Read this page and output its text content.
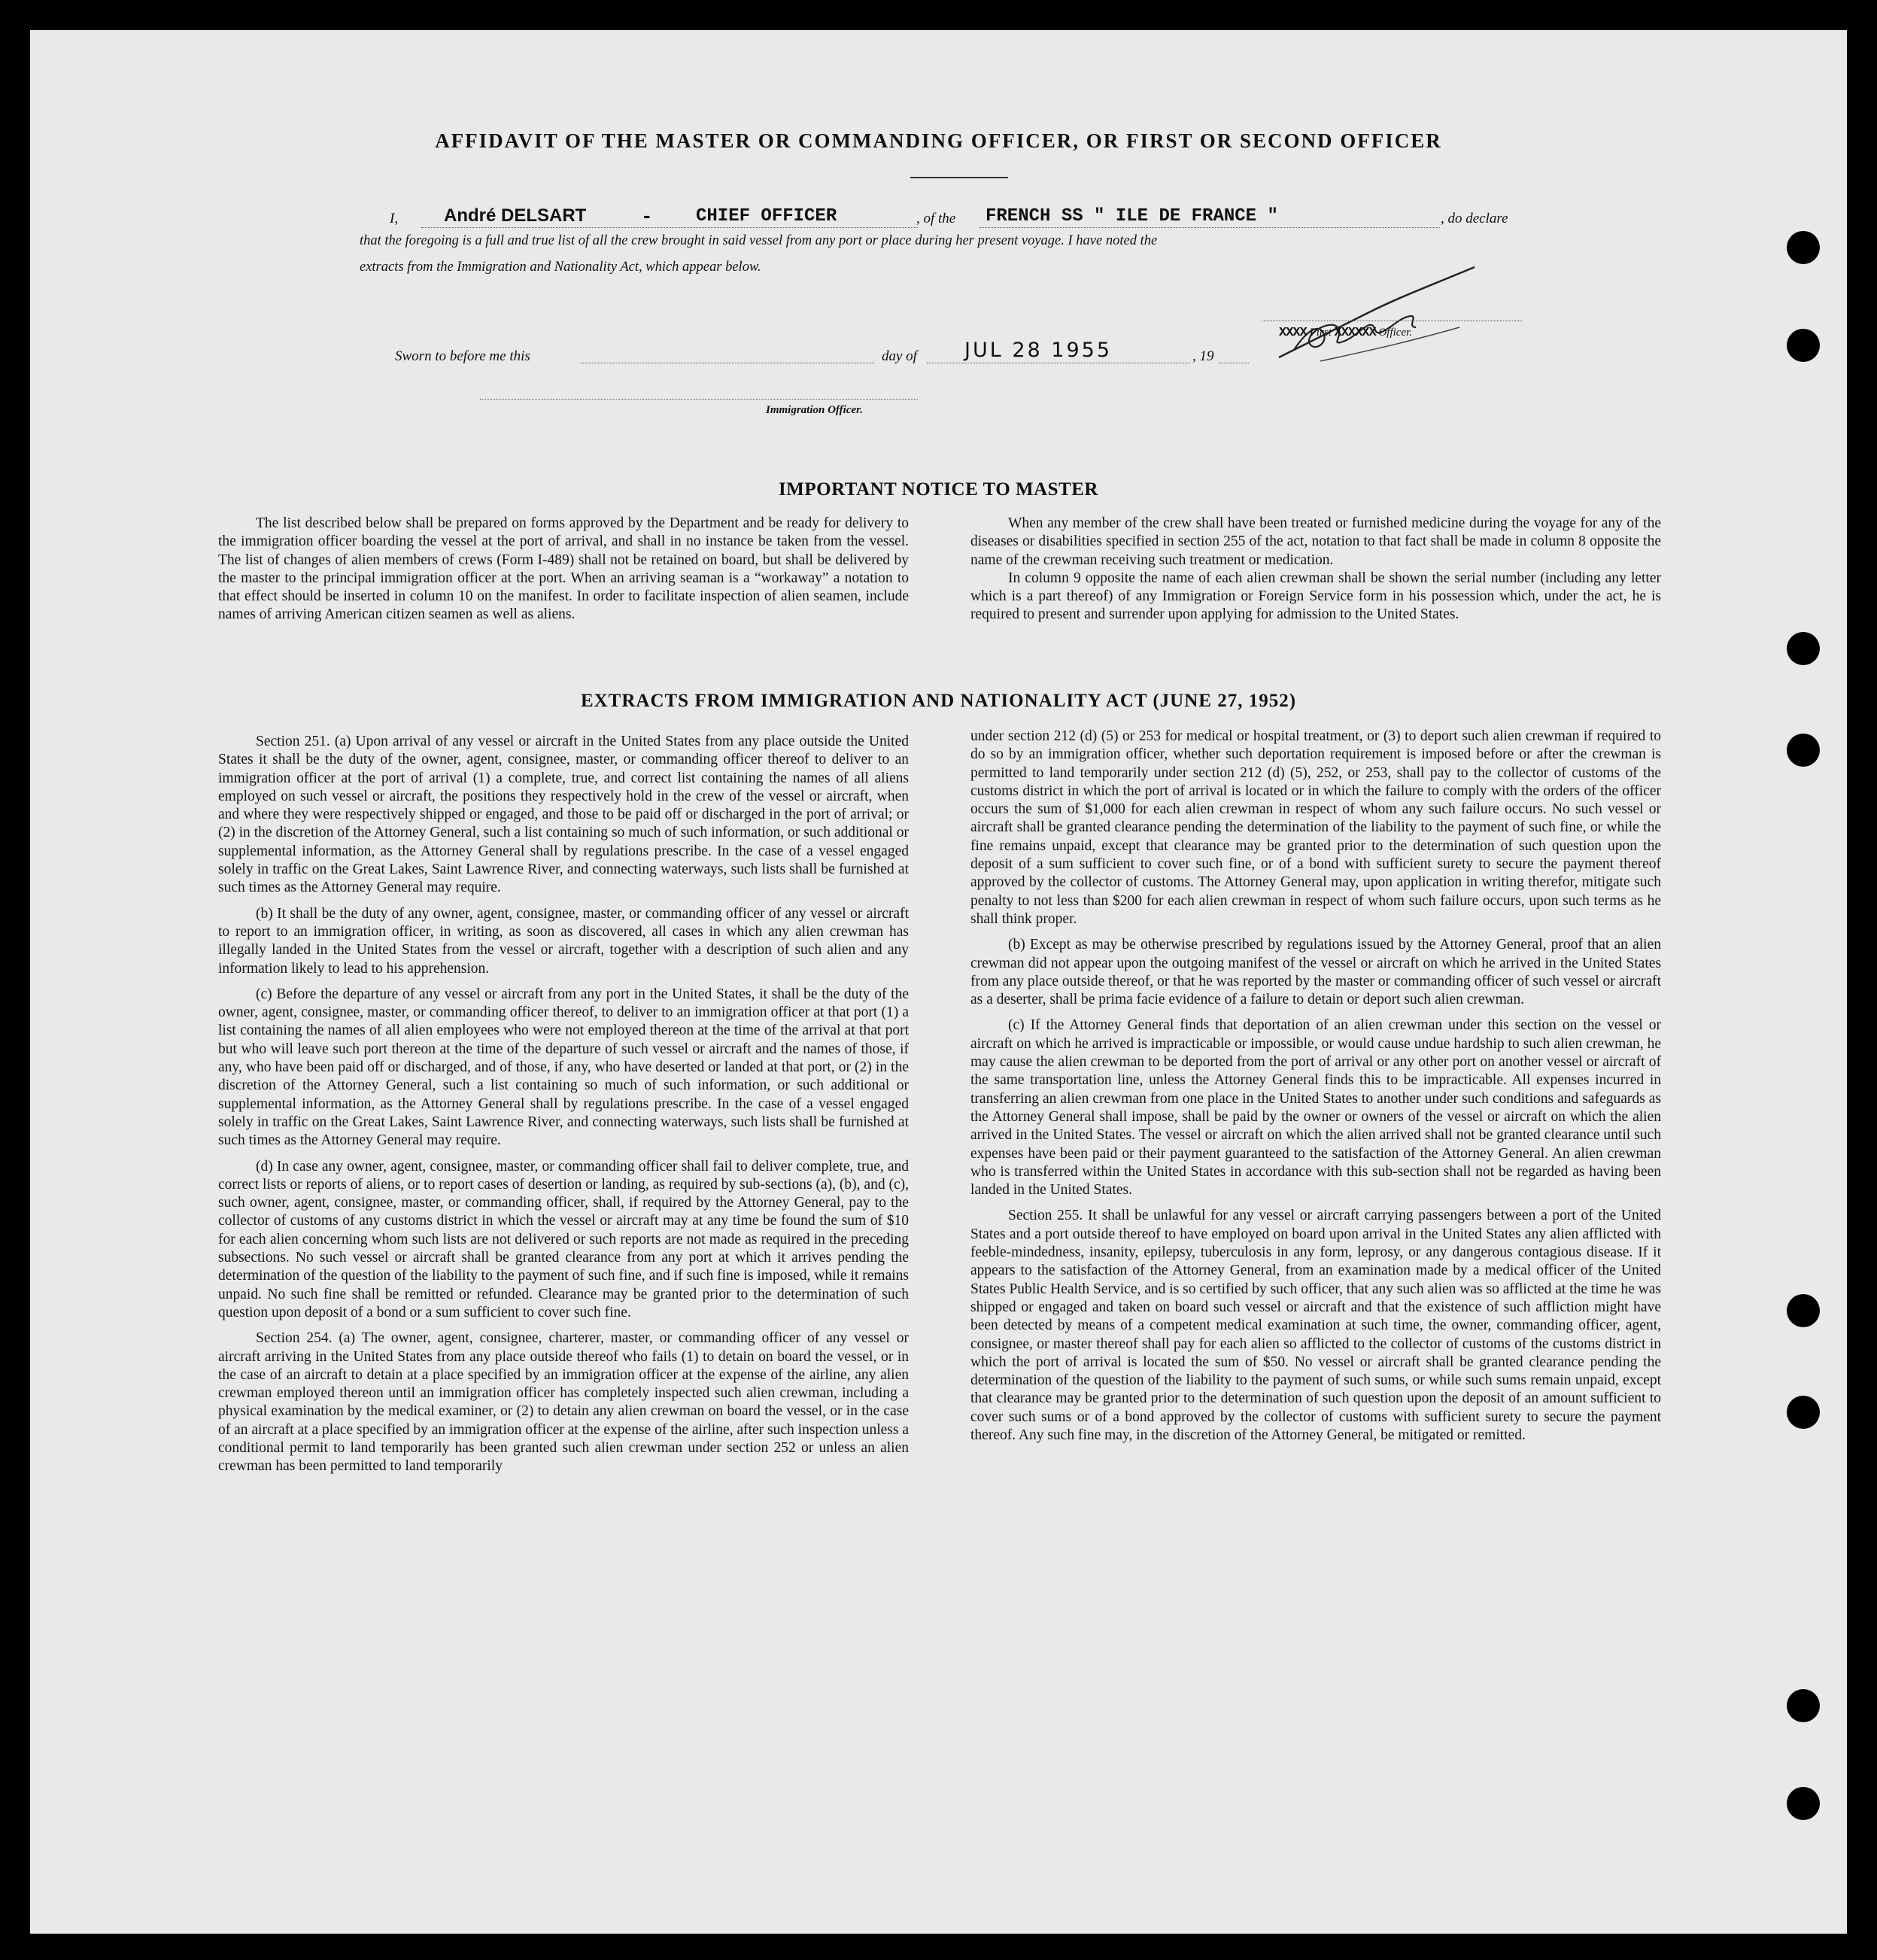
AFFIDAVIT OF THE MASTER OR COMMANDING OFFICER, OR FIRST OR SECOND OFFICER
I,	André DELSART	- CHIEF OFFICER	, of the FRENCH SS " ILE DE FRANCE "	, do declare
that the foregoing is a full and true list of all the crew brought in said vessel from any port or place during her present voyage. I have noted the
extracts from the Immigration and Nationality Act, which appear below.
XXXX First XXXXXX Officer.
Sworn to before me this	day of JUL 28 1955	, 19
Immigration Officer.
IMPORTANT NOTICE TO MASTER

The list described below shall be prepared on forms approved by the Department and be ready for delivery to the immigration officer boarding the vessel at the port of arrival, and shall in no instance be taken from the vessel. The list of changes of alien members of crews (Form I-489) shall not be retained on board, but shall be delivered by the master to the principal immigration officer at the port. When an arriving seaman is a “workaway” a notation to that effect should be inserted in column 10 on the manifest. In order to facilitate inspection of alien seamen, include names of arriving American citizen seamen as well as aliens.

When any member of the crew shall have been treated or furnished medicine during the voyage for any of the diseases or disabilities specified in section 255 of the act, notation to that fact shall be made in column 8 opposite the name of the crewman receiving such treatment or medication.

In column 9 opposite the name of each alien crewman shall be shown the serial number (including any letter which is a part thereof) of any Immigration or Foreign Service form in his possession which, under the act, he is required to present and surrender upon applying for admission to the United States.

EXTRACTS FROM IMMIGRATION AND NATIONALITY ACT (JUNE 27, 1952)

Section 251. (a) Upon arrival of any vessel or aircraft in the United States from any place outside the United States it shall be the duty of the owner, agent, consignee, master, or commanding officer thereof to deliver to an immigration officer at the port of arrival (1) a complete, true, and correct list containing the names of all aliens employed on such vessel or aircraft, the positions they respectively hold in the crew of the vessel or aircraft, when and where they were respectively shipped or engaged, and those to be paid off or discharged in the port of arrival; or (2) in the discretion of the Attorney General, such a list containing so much of such information, or such additional or supplemental information, as the Attorney General shall by regulations prescribe. In the case of a vessel engaged solely in traffic on the Great Lakes, Saint Lawrence River, and connecting waterways, such lists shall be furnished at such times as the Attorney General may require.

(b) It shall be the duty of any owner, agent, consignee, master, or commanding officer of any vessel or aircraft to report to an immigration officer, in writing, as soon as discovered, all cases in which any alien crewman has illegally landed in the United States from the vessel or aircraft, together with a description of such alien and any information likely to lead to his apprehension.

(c) Before the departure of any vessel or aircraft from any port in the United States, it shall be the duty of the owner, agent, consignee, master, or commanding officer thereof, to deliver to an immigration officer at that port (1) a list containing the names of all alien employees who were not employed thereon at the time of the arrival at that port but who will leave such port thereon at the time of the departure of such vessel or aircraft and the names of those, if any, who have been paid off or discharged, and of those, if any, who have deserted or landed at that port, or (2) in the discretion of the Attorney General, such a list containing so much of such information, or such additional or supplemental information, as the Attorney General shall by regulations prescribe. In the case of a vessel engaged solely in traffic on the Great Lakes, Saint Lawrence River, and connecting waterways, such lists shall be furnished at such times as the Attorney General may require.

(d) In case any owner, agent, consignee, master, or commanding officer shall fail to deliver complete, true, and correct lists or reports of aliens, or to report cases of desertion or landing, as required by sub-sections (a), (b), and (c), such owner, agent, consignee, master, or commanding officer, shall, if required by the Attorney General, pay to the collector of customs of any customs district in which the vessel or aircraft may at any time be found the sum of $10 for each alien concerning whom such lists are not delivered or such reports are not made as required in the preceding subsections. No such vessel or aircraft shall be granted clearance from any port at which it arrives pending the determination of the question of the liability to the payment of such fine, and if such fine is imposed, while it remains unpaid. No such fine shall be remitted or refunded. Clearance may be granted prior to the determination of such question upon deposit of a bond or a sum sufficient to cover such fine.

Section 254. (a) The owner, agent, consignee, charterer, master, or commanding officer of any vessel or aircraft arriving in the United States from any place outside thereof who fails (1) to detain on board the vessel, or in the case of an aircraft to detain at a place specified by an immigration officer at the expense of the airline, any alien crewman employed thereon until an immigration officer has completely inspected such alien crewman, including a physical examination by the medical examiner, or (2) to detain any alien crewman on board the vessel, or in the case of an aircraft at a place specified by an immigration officer at the expense of the airline, after such inspection unless a conditional permit to land temporarily has been granted such alien crewman under section 252 or unless an alien crewman has been permitted to land temporarily

under section 212 (d) (5) or 253 for medical or hospital treatment, or (3) to deport such alien crewman if required to do so by an immigration officer, whether such deportation requirement is imposed before or after the crewman is permitted to land temporarily under section 212 (d) (5), 252, or 253, shall pay to the collector of customs of the customs district in which the port of arrival is located or in which the failure to comply with the orders of the officer occurs the sum of $1,000 for each alien crewman in respect of whom any such failure occurs. No such vessel or aircraft shall be granted clearance pending the determination of the liability to the payment of such fine, or while the fine remains unpaid, except that clearance may be granted prior to the determination of such question upon the deposit of a sum sufficient to cover such fine, or of a bond with sufficient surety to secure the payment thereof approved by the collector of customs. The Attorney General may, upon application in writing therefor, mitigate such penalty to not less than $200 for each alien crewman in respect of whom such failure occurs, upon such terms as he shall think proper.

(b) Except as may be otherwise prescribed by regulations issued by the Attorney General, proof that an alien crewman did not appear upon the outgoing manifest of the vessel or aircraft on which he arrived in the United States from any place outside thereof, or that he was reported by the master or commanding officer of such vessel or aircraft as a deserter, shall be prima facie evidence of a failure to detain or deport such alien crewman.

(c) If the Attorney General finds that deportation of an alien crewman under this section on the vessel or aircraft on which he arrived is impracticable or impossible, or would cause undue hardship to such alien crewman, he may cause the alien crewman to be deported from the port of arrival or any other port on another vessel or aircraft of the same transportation line, unless the Attorney General finds this to be impracticable. All expenses incurred in transferring an alien crewman from one place in the United States to another under such conditions and safeguards as the Attorney General shall impose, shall be paid by the owner or owners of the vessel or aircraft on which the alien arrived in the United States. The vessel or aircraft on which the alien arrived shall not be granted clearance until such expenses have been paid or their payment guaranteed to the satisfaction of the Attorney General. An alien crewman who is transferred within the United States in accordance with this sub-section shall not be regarded as having been landed in the United States.

Section 255. It shall be unlawful for any vessel or aircraft carrying passengers between a port of the United States and a port outside thereof to have employed on board upon arrival in the United States any alien afflicted with feeble-mindedness, insanity, epilepsy, tuberculosis in any form, leprosy, or any dangerous contagious disease. If it appears to the satisfaction of the Attorney General, from an examination made by a medical officer of the United States Public Health Service, and is so certified by such officer, that any such alien was so afflicted at the time he was shipped or engaged and taken on board such vessel or aircraft and that the existence of such affliction might have been detected by means of a competent medical examination at such time, the owner, commanding officer, agent, consignee, or master thereof shall pay for each alien so afflicted to the collector of customs of the customs district in which the port of arrival is located the sum of $50. No vessel or aircraft shall be granted clearance pending the determination of the question of the liability to the payment of such sums, or while such sums remain unpaid, except that clearance may be granted prior to the determination of such question upon the deposit of an amount sufficient to cover such sums or of a bond approved by the collector of customs with sufficient surety to secure the payment thereof. Any such fine may, in the discretion of the Attorney General, be mitigated or remitted.
